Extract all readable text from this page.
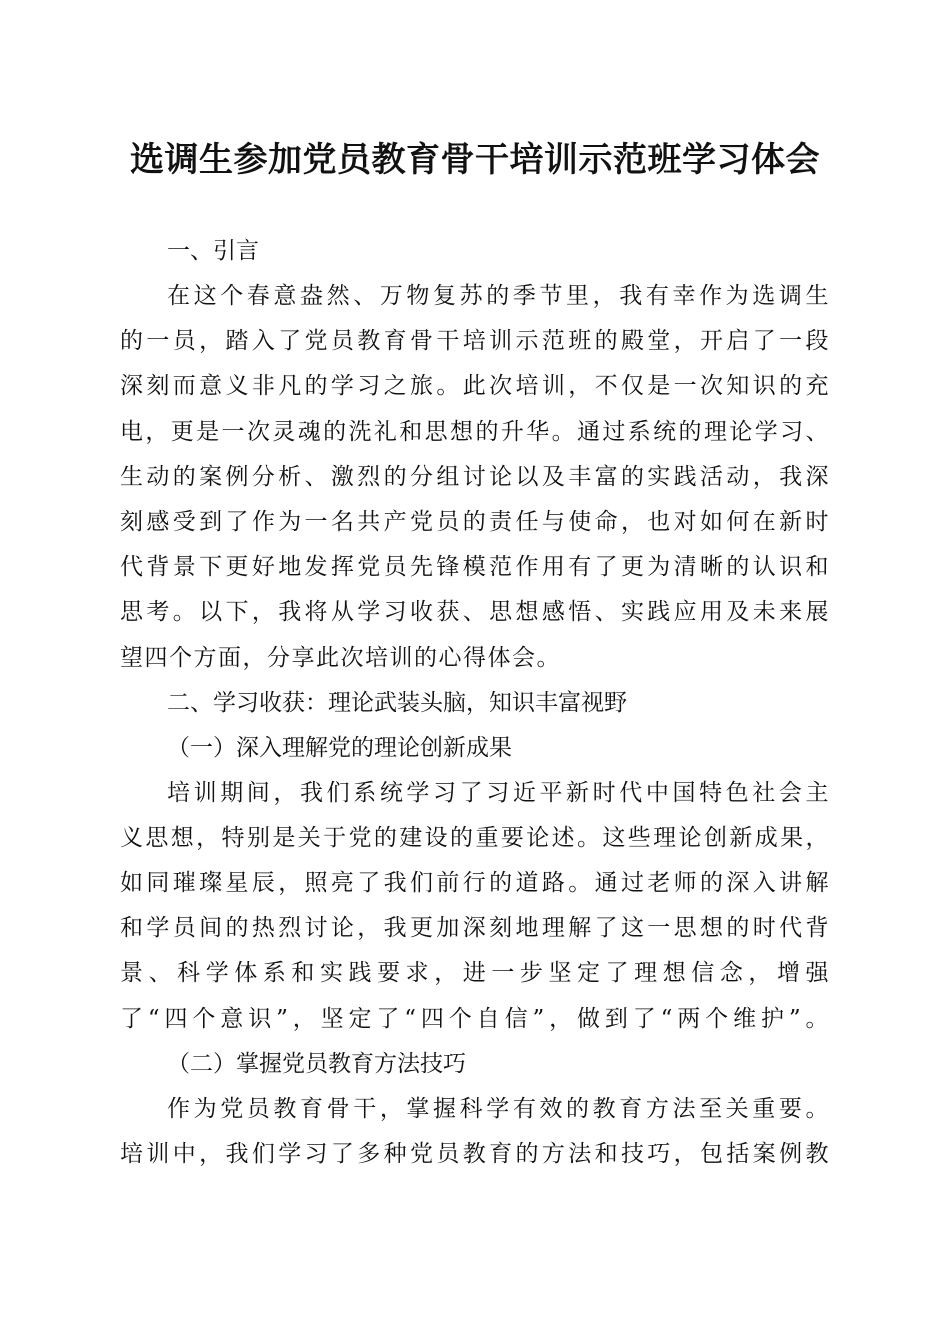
选调生参加党员教育骨干培训示范班学习体会
一、引言

在这个春意盎然、万物复苏的季节里，我有幸作为选调生

的一员，踏入了党员教育骨干培训示范班的殿堂，开启了一段

深刻而意义非凡的学习之旅。此次培训，不仅是一次知识的充

电，更是一次灵魂的洗礼和思想的升华。通过系统的理论学习、

生动的案例分析、激烈的分组讨论以及丰富的实践活动，我深

刻感受到了作为一名共产党员的责任与使命，也对如何在新时

代背景下更好地发挥党员先锋模范作用有了更为清晰的认识和

思考。以下，我将从学习收获、思想感悟、实践应用及未来展

望四个方面，分享此次培训的心得体会。

二、学习收获：理论武装头脑，知识丰富视野
（一）深入理解党的理论创新成果

培训期间，我们系统学习了习近平新时代中国特色社会主

义思想，特别是关于党的建设的重要论述。这些理论创新成果，

如同璀璨星辰，照亮了我们前行的道路。通过老师的深入讲解

和学员间的热烈讨论，我更加深刻地理解了这一思想的时代背

景、科学体系和实践要求，进一步坚定了理想信念，增强

了“四个意识”，坚定了“四个自信”，做到了“两个维护”。

（二）掌握党员教育方法技巧

作为党员教育骨干，掌握科学有效的教育方法至关重要。

培训中，我们学习了多种党员教育的方法和技巧，包括案例教
